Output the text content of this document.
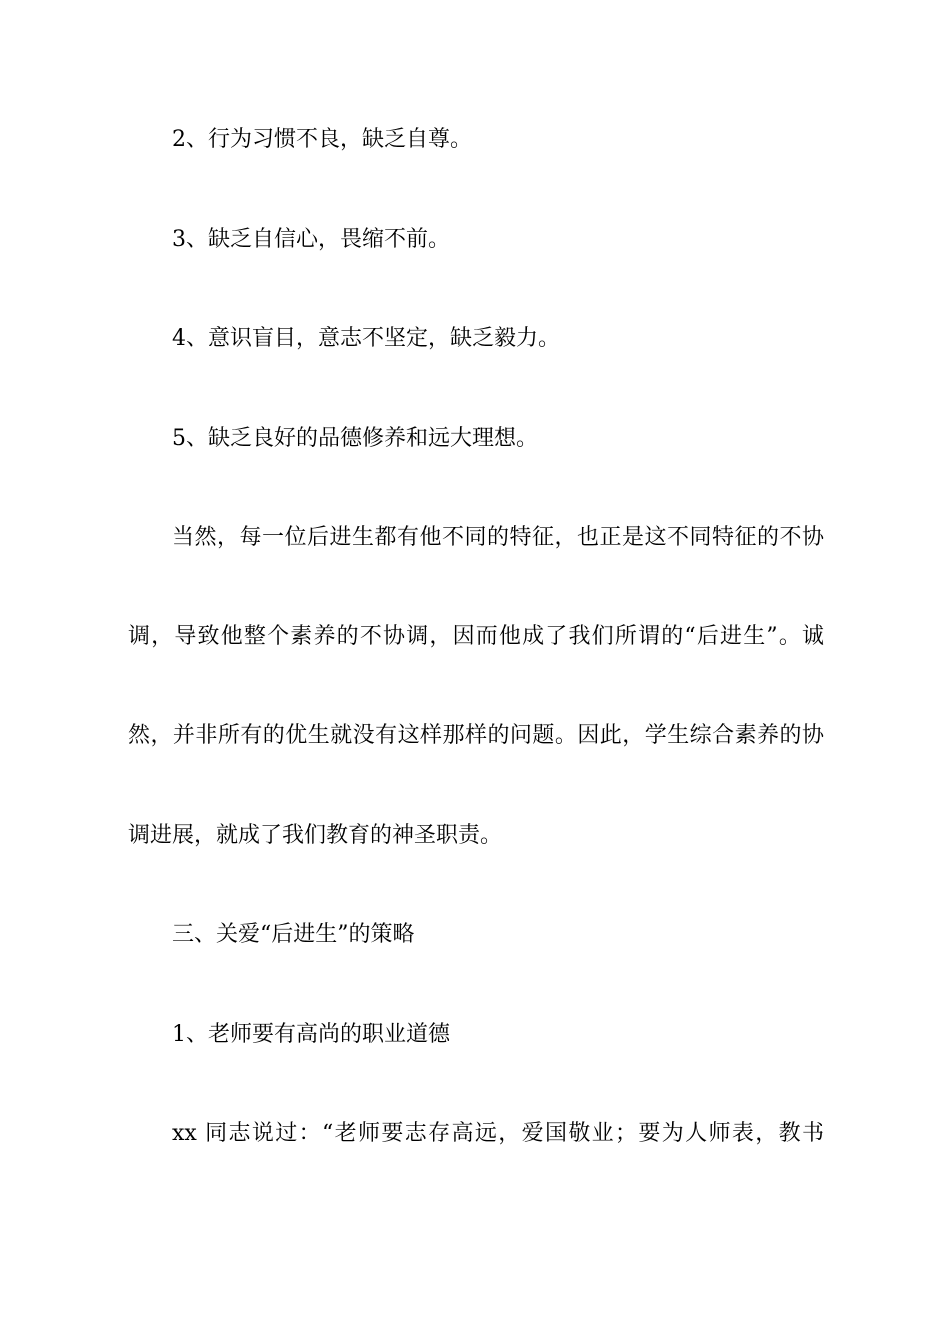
2、行为习惯不良，缺乏自尊。
3、缺乏自信心，畏缩不前。
4、意识盲目，意志不坚定，缺乏毅力。
5、缺乏良好的品德修养和远大理想。
当然，每一位后进生都有他不同的特征，也正是这不同特征的不协
调，导致他整个素养的不协调，因而他成了我们所谓的“后进生”。诚
然，并非所有的优生就没有这样那样的问题。因此，学生综合素养的协
调进展，就成了我们教育的神圣职责。
三、关爱“后进生”的策略
1、老师要有高尚的职业道德
xx 同志说过：“老师要志存高远，爱国敬业；要为人师表，教书
